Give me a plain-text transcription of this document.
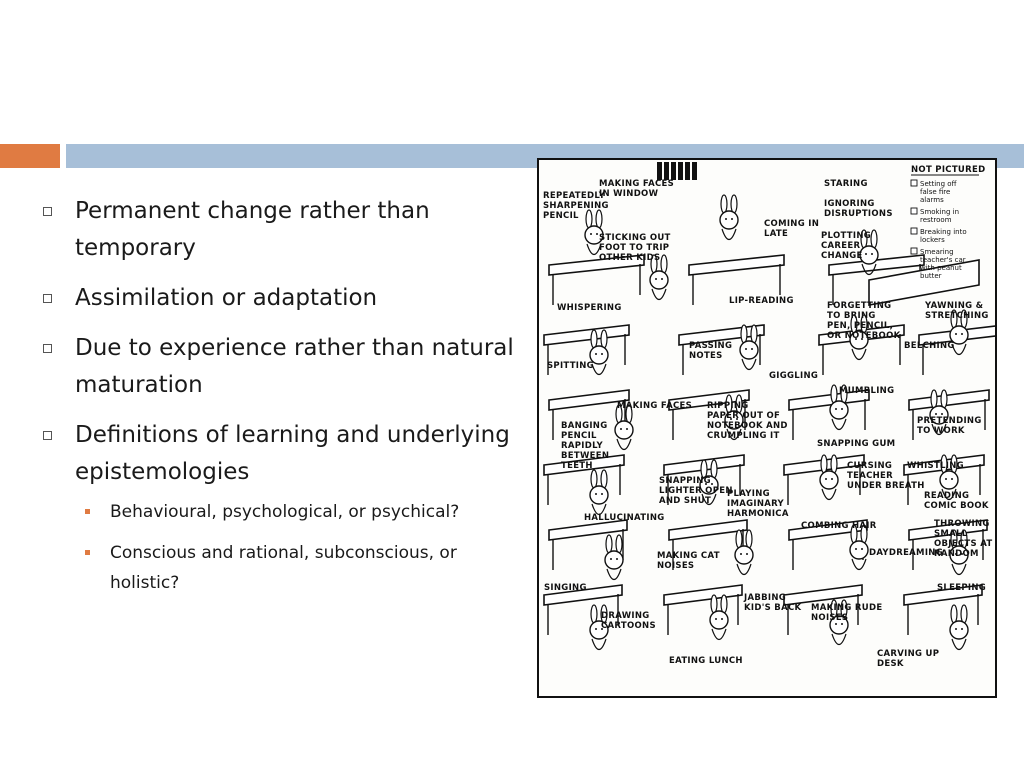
Permanent change rather than temporary
Assimilation or adaptation
Due to experience rather than natural maturation
Definitions of learning and underlying epistemologies
Behavioural, psychological, or psychical?
Conscious and rational, subconscious, or holistic?
REPEATEDLY SHARPENING PENCIL
MAKING FACES IN WINDOW
STICKING OUT FOOT TO TRIP OTHER KIDS
COMING IN LATE
STARING
IGNORING DISRUPTIONS
PLOTTING CAREER CHANGE
WHISPERING
LIP-READING	FORGETTING TO BRING PEN, PENCIL, OR NOTEBOOK
YAWNING & STRETCHING
SPITTING
PASSING NOTES
GIGGLING
BELCHING
MUMBLING
MAKING FACES RIPPING PAPER OUT OF NOTEBOOK AND CRUMPLING IT
PRETENDING TO WORK
BANGING PENCIL RAPIDLY BETWEEN TEETH
SNAPPING GUM
CURSING TEACHER UNDER BREATH
WHISTLING
SNAPPING LIGHTER OPEN AND SHUT
PLAYING IMAGINARY HARMONICA
READING COMIC BOOK
HALLUCINATING
COMBING HAIR	THROWING SMALL OBJECTS AT RANDOM
MAKING CAT NOISES
DAYDREAMING
SINGING
JABBING KID'S BACK
SLEEPING
DRAWING CARTOONS
MAKING RUDE NOISES
EATING LUNCH
CARVING UP DESK
NOT PICTURED
Setting off false fire alarms
Smoking in restroom
Breaking into lockers
Smearing teacher's car with peanut butter
